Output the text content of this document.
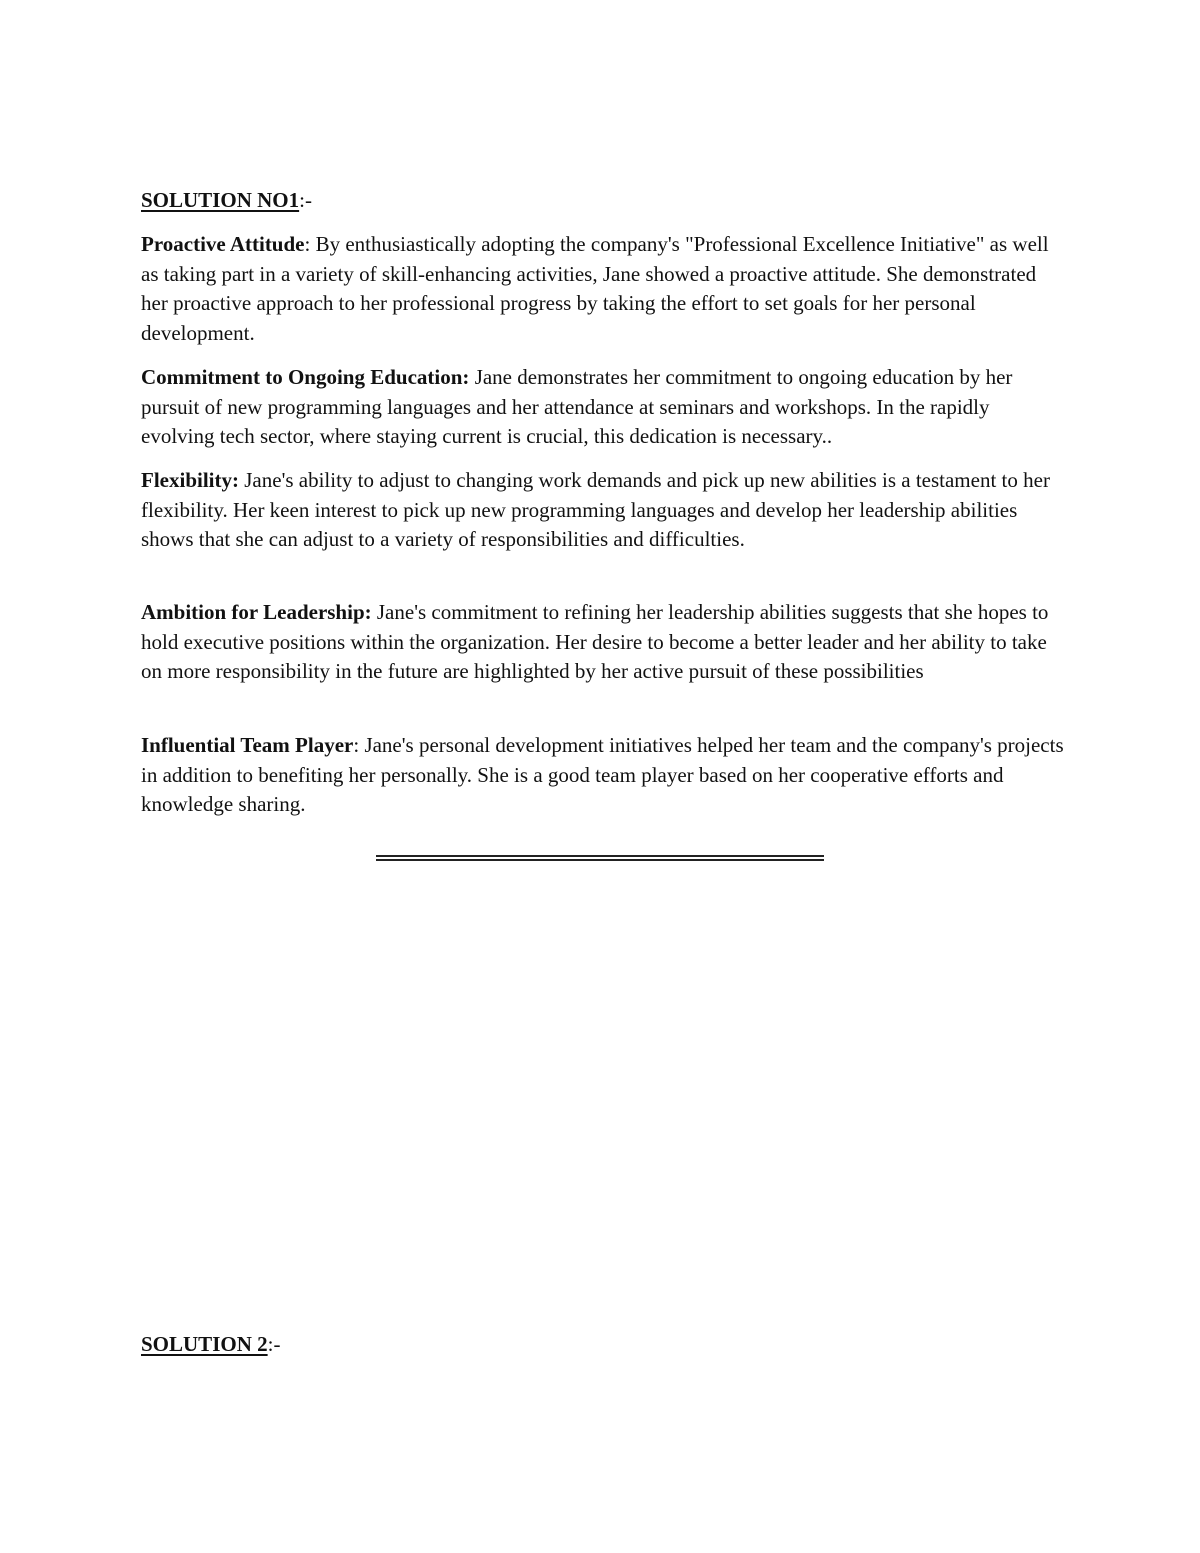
SOLUTION NO1:-

Proactive Attitude: By enthusiastically adopting the company's "Professional Excellence Initiative" as well as taking part in a variety of skill-enhancing activities, Jane showed a proactive attitude. She demonstrated her proactive approach to her professional progress by taking the effort to set goals for her personal development.

Commitment to Ongoing Education: Jane demonstrates her commitment to ongoing education by her pursuit of new programming languages and her attendance at seminars and workshops. In the rapidly evolving tech sector, where staying current is crucial, this dedication is necessary..

Flexibility: Jane's ability to adjust to changing work demands and pick up new abilities is a testament to her flexibility. Her keen interest to pick up new programming languages and develop her leadership abilities shows that she can adjust to a variety of responsibilities and difficulties.

Ambition for Leadership: Jane's commitment to refining her leadership abilities suggests that she hopes to hold executive positions within the organization. Her desire to become a better leader and her ability to take on more responsibility in the future are highlighted by her active pursuit of these possibilities

Influential Team Player: Jane's personal development initiatives helped her team and the company's projects in addition to benefiting her personally. She is a good team player based on her cooperative efforts and knowledge sharing.

SOLUTION 2:-
